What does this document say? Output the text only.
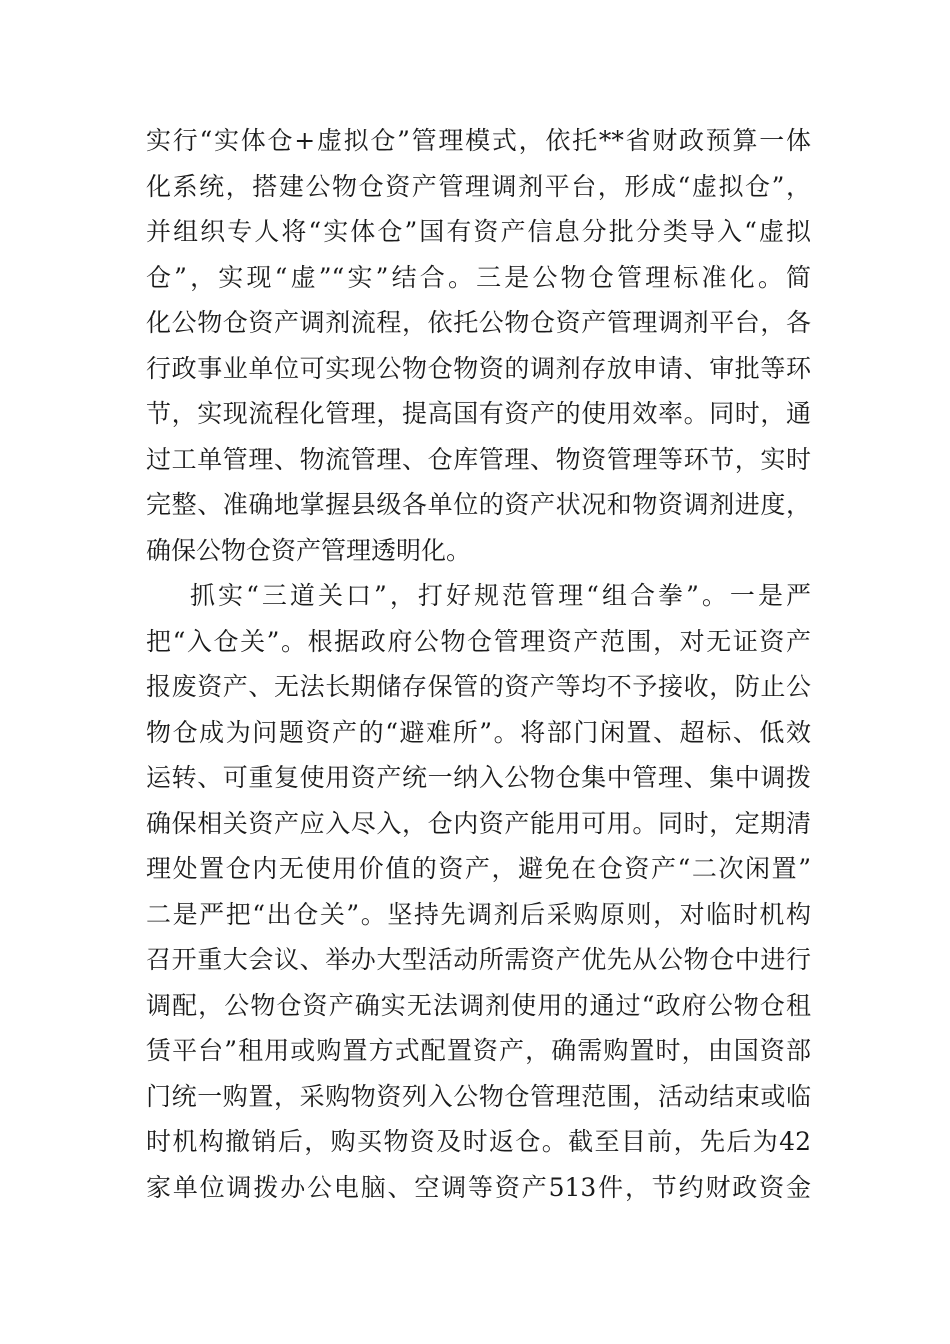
实行“实体仓+虚拟仓”管理模式，依托**省财政预算一体
化系统，搭建公物仓资产管理调剂平台，形成“虚拟仓”，
并组织专人将“实体仓”国有资产信息分批分类导入“虚拟
仓”，实现“虚”“实”结合。三是公物仓管理标准化。简
化公物仓资产调剂流程，依托公物仓资产管理调剂平台，各
行政事业单位可实现公物仓物资的调剂存放申请、审批等环
节，实现流程化管理，提高国有资产的使用效率。同时，通
过工单管理、物流管理、仓库管理、物资管理等环节，实时
完整、准确地掌握县级各单位的资产状况和物资调剂进度，
确保公物仓资产管理透明化。
抓实“三道关口”，打好规范管理“组合拳”。一是严
把“入仓关”。根据政府公物仓管理资产范围，对无证资产
报废资产、无法长期储存保管的资产等均不予接收，防止公
物仓成为问题资产的“避难所”。将部门闲置、超标、低效
运转、可重复使用资产统一纳入公物仓集中管理、集中调拨
确保相关资产应入尽入，仓内资产能用可用。同时，定期清
理处置仓内无使用价值的资产，避免在仓资产“二次闲置”
二是严把“出仓关”。坚持先调剂后采购原则，对临时机构
召开重大会议、举办大型活动所需资产优先从公物仓中进行
调配，公物仓资产确实无法调剂使用的通过“政府公物仓租
赁平台”租用或购置方式配置资产，确需购置时，由国资部
门统一购置，采购物资列入公物仓管理范围，活动结束或临
时机构撤销后，购买物资及时返仓。截至目前，先后为42
家单位调拨办公电脑、空调等资产513件，节约财政资金
